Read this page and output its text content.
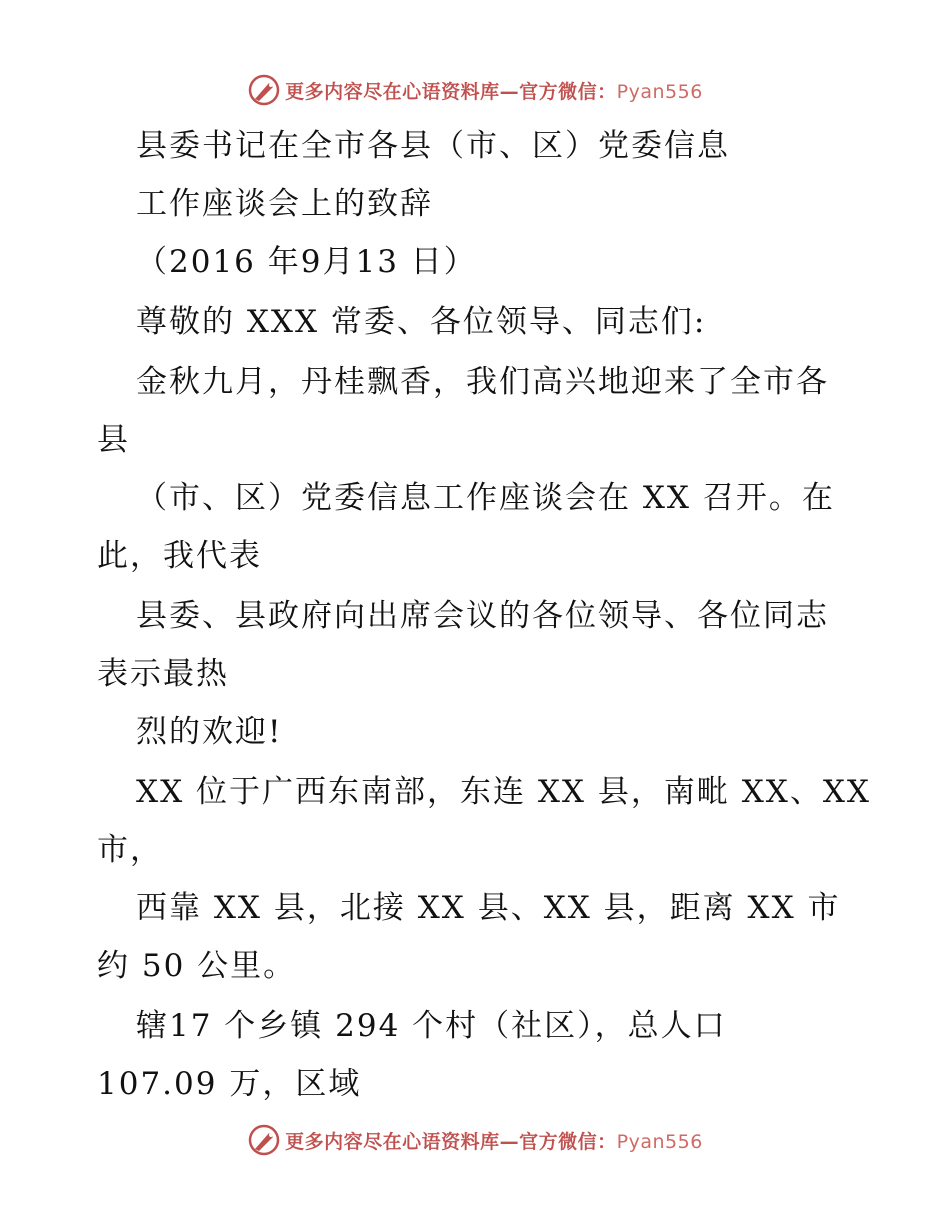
更多内容尽在心语资料库—官方微信：Pyan556
县委书记在全市各县（市、区）党委信息
工作座谈会上的致辞
（2016 年9月13 日）
尊敬的 XXX 常委、各位领导、同志们:
金秋九月，丹桂飘香，我们高兴地迎来了全市各
县
（市、区）党委信息工作座谈会在 XX 召开。在
此，我代表
县委、县政府向出席会议的各位领导、各位同志
表示最热
烈的欢迎!
XX 位于广西东南部，东连 XX 县，南毗 XX、XX
市，
西靠 XX 县，北接 XX 县、XX 县，距离 XX 市
约 50 公里。
辖17 个乡镇 294 个村（社区），总人口
107.09 万，区域
更多内容尽在心语资料库—官方微信：Pyan556
